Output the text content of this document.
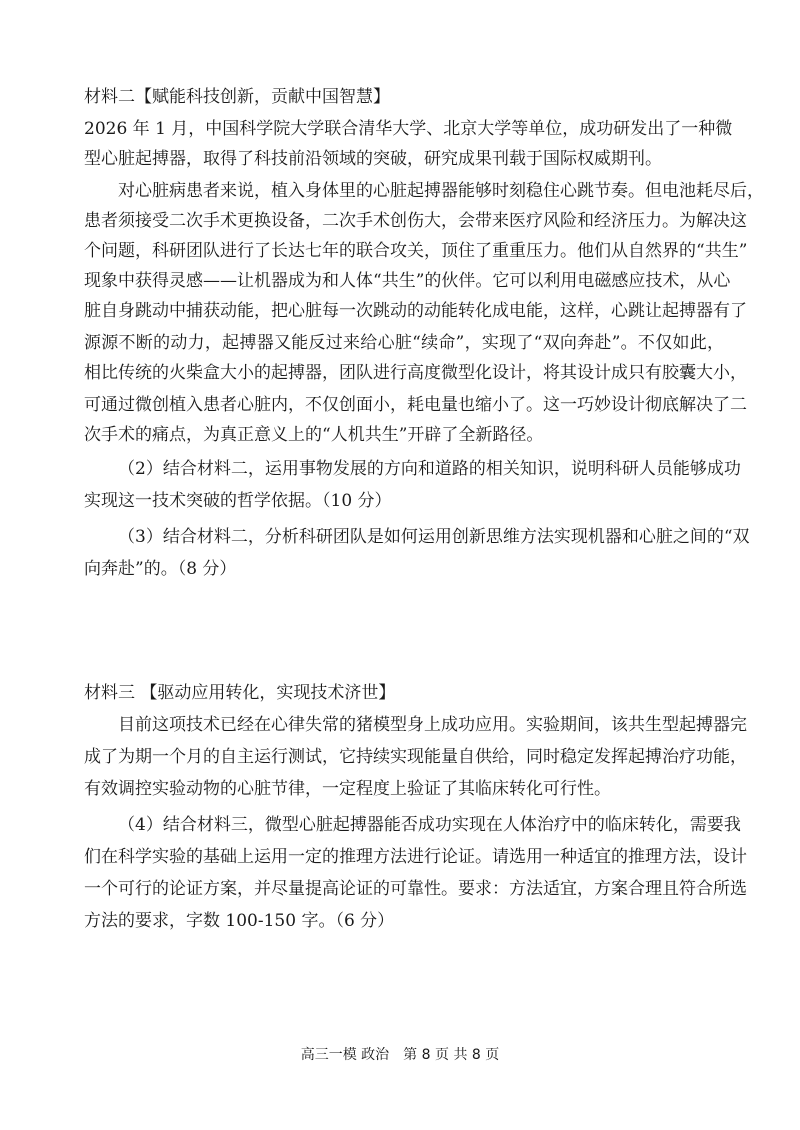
材料二【赋能科技创新，贡献中国智慧】
2026 年 1 月，中国科学院大学联合清华大学、北京大学等单位，成功研发出了一种微
型心脏起搏器，取得了科技前沿领域的突破，研究成果刊载于国际权威期刊。
对心脏病患者来说，植入身体里的心脏起搏器能够时刻稳住心跳节奏。但电池耗尽后，
患者须接受二次手术更换设备，二次手术创伤大，会带来医疗风险和经济压力。为解决这
个问题，科研团队进行了长达七年的联合攻关，顶住了重重压力。他们从自然界的“共生”
现象中获得灵感——让机器成为和人体“共生”的伙伴。它可以利用电磁感应技术，从心
脏自身跳动中捕获动能，把心脏每一次跳动的动能转化成电能，这样，心跳让起搏器有了
源源不断的动力，起搏器又能反过来给心脏“续命”，实现了“双向奔赴”。不仅如此，
相比传统的火柴盒大小的起搏器，团队进行高度微型化设计，将其设计成只有胶囊大小，
可通过微创植入患者心脏内，不仅创面小，耗电量也缩小了。这一巧妙设计彻底解决了二
次手术的痛点，为真正意义上的“人机共生”开辟了全新路径。
（2）结合材料二，运用事物发展的方向和道路的相关知识，说明科研人员能够成功
实现这一技术突破的哲学依据。（10 分）
（3）结合材料二，分析科研团队是如何运用创新思维方法实现机器和心脏之间的“双
向奔赴”的。（8 分）
材料三 【驱动应用转化，实现技术济世】
目前这项技术已经在心律失常的猪模型身上成功应用。实验期间，该共生型起搏器完
成了为期一个月的自主运行测试，它持续实现能量自供给，同时稳定发挥起搏治疗功能，
有效调控实验动物的心脏节律，一定程度上验证了其临床转化可行性。
（4）结合材料三，微型心脏起搏器能否成功实现在人体治疗中的临床转化，需要我
们在科学实验的基础上运用一定的推理方法进行论证。请选用一种适宜的推理方法，设计
一个可行的论证方案，并尽量提高论证的可靠性。要求：方法适宜，方案合理且符合所选
方法的要求，字数 100-150 字。（6 分）
高三一模 政治　第 8 页 共 8 页
